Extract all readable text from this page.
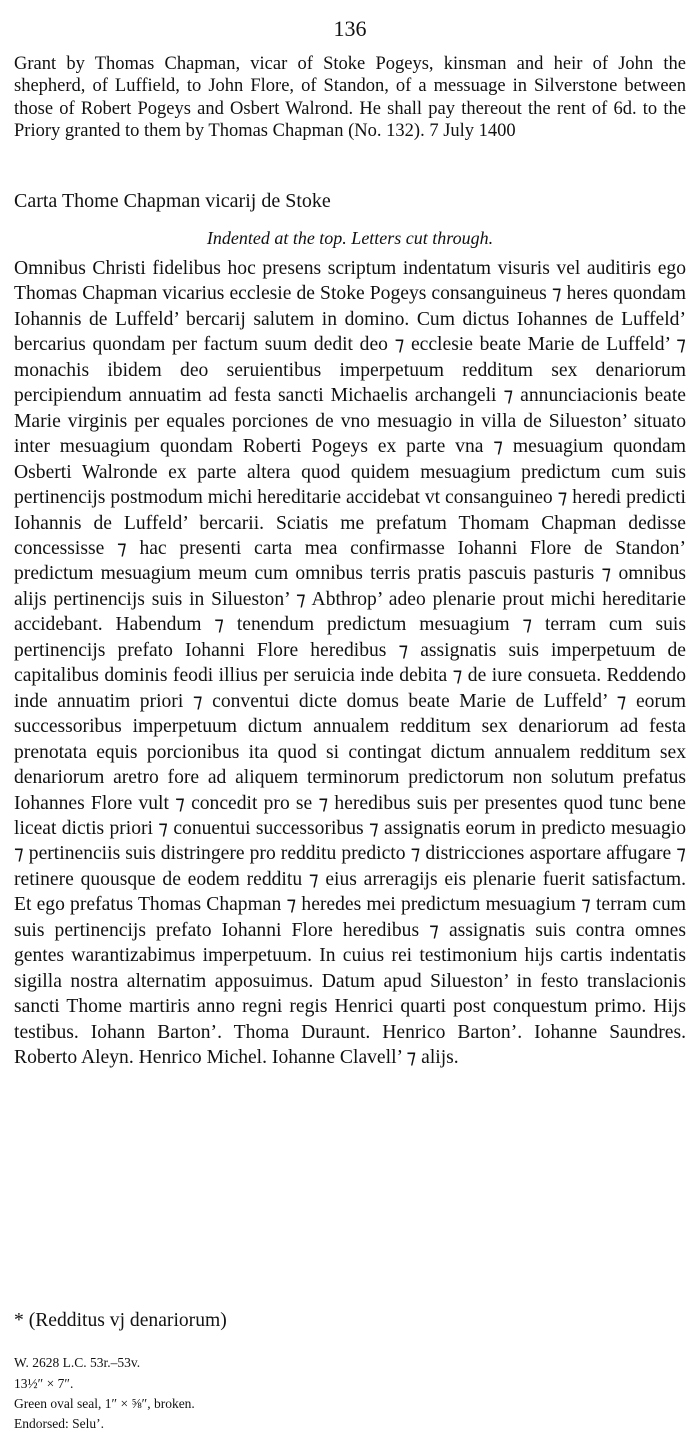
136
Grant by Thomas Chapman, vicar of Stoke Pogeys, kinsman and heir of John the shepherd, of Luffield, to John Flore, of Standon, of a messuage in Silverstone between those of Robert Pogeys and Osbert Walrond. He shall pay thereout the rent of 6d. to the Priory granted to them by Thomas Chapman (No. 132). 7 July 1400
Carta Thome Chapman vicarij de Stoke
Indented at the top. Letters cut through.
Omnibus Christi fidelibus hoc presens scriptum indentatum visuris vel auditiris ego Thomas Chapman vicarius ecclesie de Stoke Pogeys consanguineus ⁊ heres quondam Iohannis de Luffeld’ bercarij salutem in domino. Cum dictus Iohannes de Luffeld’ bercarius quondam per factum suum dedit deo ⁊ ecclesie beate Marie de Luffeld’ ⁊ monachis ibidem deo seruientibus imperpetuum redditum sex denariorum percipiendum annuatim ad festa sancti Michaelis archangeli ⁊ annunciacionis beate Marie virginis per equales porciones de vno mesuagio in villa de Silueston’ situato inter mesuagium quondam Roberti Pogeys ex parte vna ⁊ mesuagium quondam Osberti Walronde ex parte altera quod quidem mesuagium predictum cum suis pertinencijs postmodum michi hereditarie accidebat vt consanguineo ⁊ heredi predicti Iohannis de Luffeld’ bercarii. Sciatis me prefatum Thomam Chapman dedisse concessisse ⁊ hac presenti carta mea confirmasse Iohanni Flore de Standon’ predictum mesuagium meum cum omnibus terris pratis pascuis pasturis ⁊ omnibus alijs pertinencijs suis in Silueston’ ⁊ Abthrop’ adeo plenarie prout michi hereditarie accidebant. Habendum ⁊ tenendum predictum mesuagium ⁊ terram cum suis pertinencijs prefato Iohanni Flore heredibus ⁊ assignatis suis imperpetuum de capitalibus dominis feodi illius per seruicia inde debita ⁊ de iure consueta. Reddendo inde annuatim priori ⁊ conventui dicte domus beate Marie de Luffeld’ ⁊ eorum successoribus imperpetuum dictum annualem redditum sex denariorum ad festa prenotata equis porcionibus ita quod si contingat dictum annualem redditum sex denariorum aretro fore ad aliquem terminorum predictorum non solutum prefatus Iohannes Flore vult ⁊ concedit pro se ⁊ heredibus suis per presentes quod tunc bene liceat dictis priori ⁊ conuentui successoribus ⁊ assignatis eorum in predicto mesuagio ⁊ pertinenciis suis distringere pro redditu predicto ⁊ districciones asportare affugare ⁊ retinere quousque de eodem redditu ⁊ eius arreragijs eis plenarie fuerit satisfactum. Et ego prefatus Thomas Chapman ⁊ heredes mei predictum mesuagium ⁊ terram cum suis pertinencijs prefato Iohanni Flore heredibus ⁊ assignatis suis contra omnes gentes warantizabimus imperpetuum. In cuius rei testimonium hijs cartis indentatis sigilla nostra alternatim apposuimus. Datum apud Silueston’ in festo translacionis sancti Thome martiris anno regni regis Henrici quarti post conquestum primo. Hijs testibus. Iohann Barton’. Thoma Duraunt. Henrico Barton’. Iohanne Saundres. Roberto Aleyn. Henrico Michel. Iohanne Clavell’ ⁊ alijs.
* (Redditus vj denariorum)
W. 2628 L.C. 53r.–53v.
13½″ × 7″.
Green oval seal, 1″ × ⅝″, broken.
Endorsed: Selu’.
